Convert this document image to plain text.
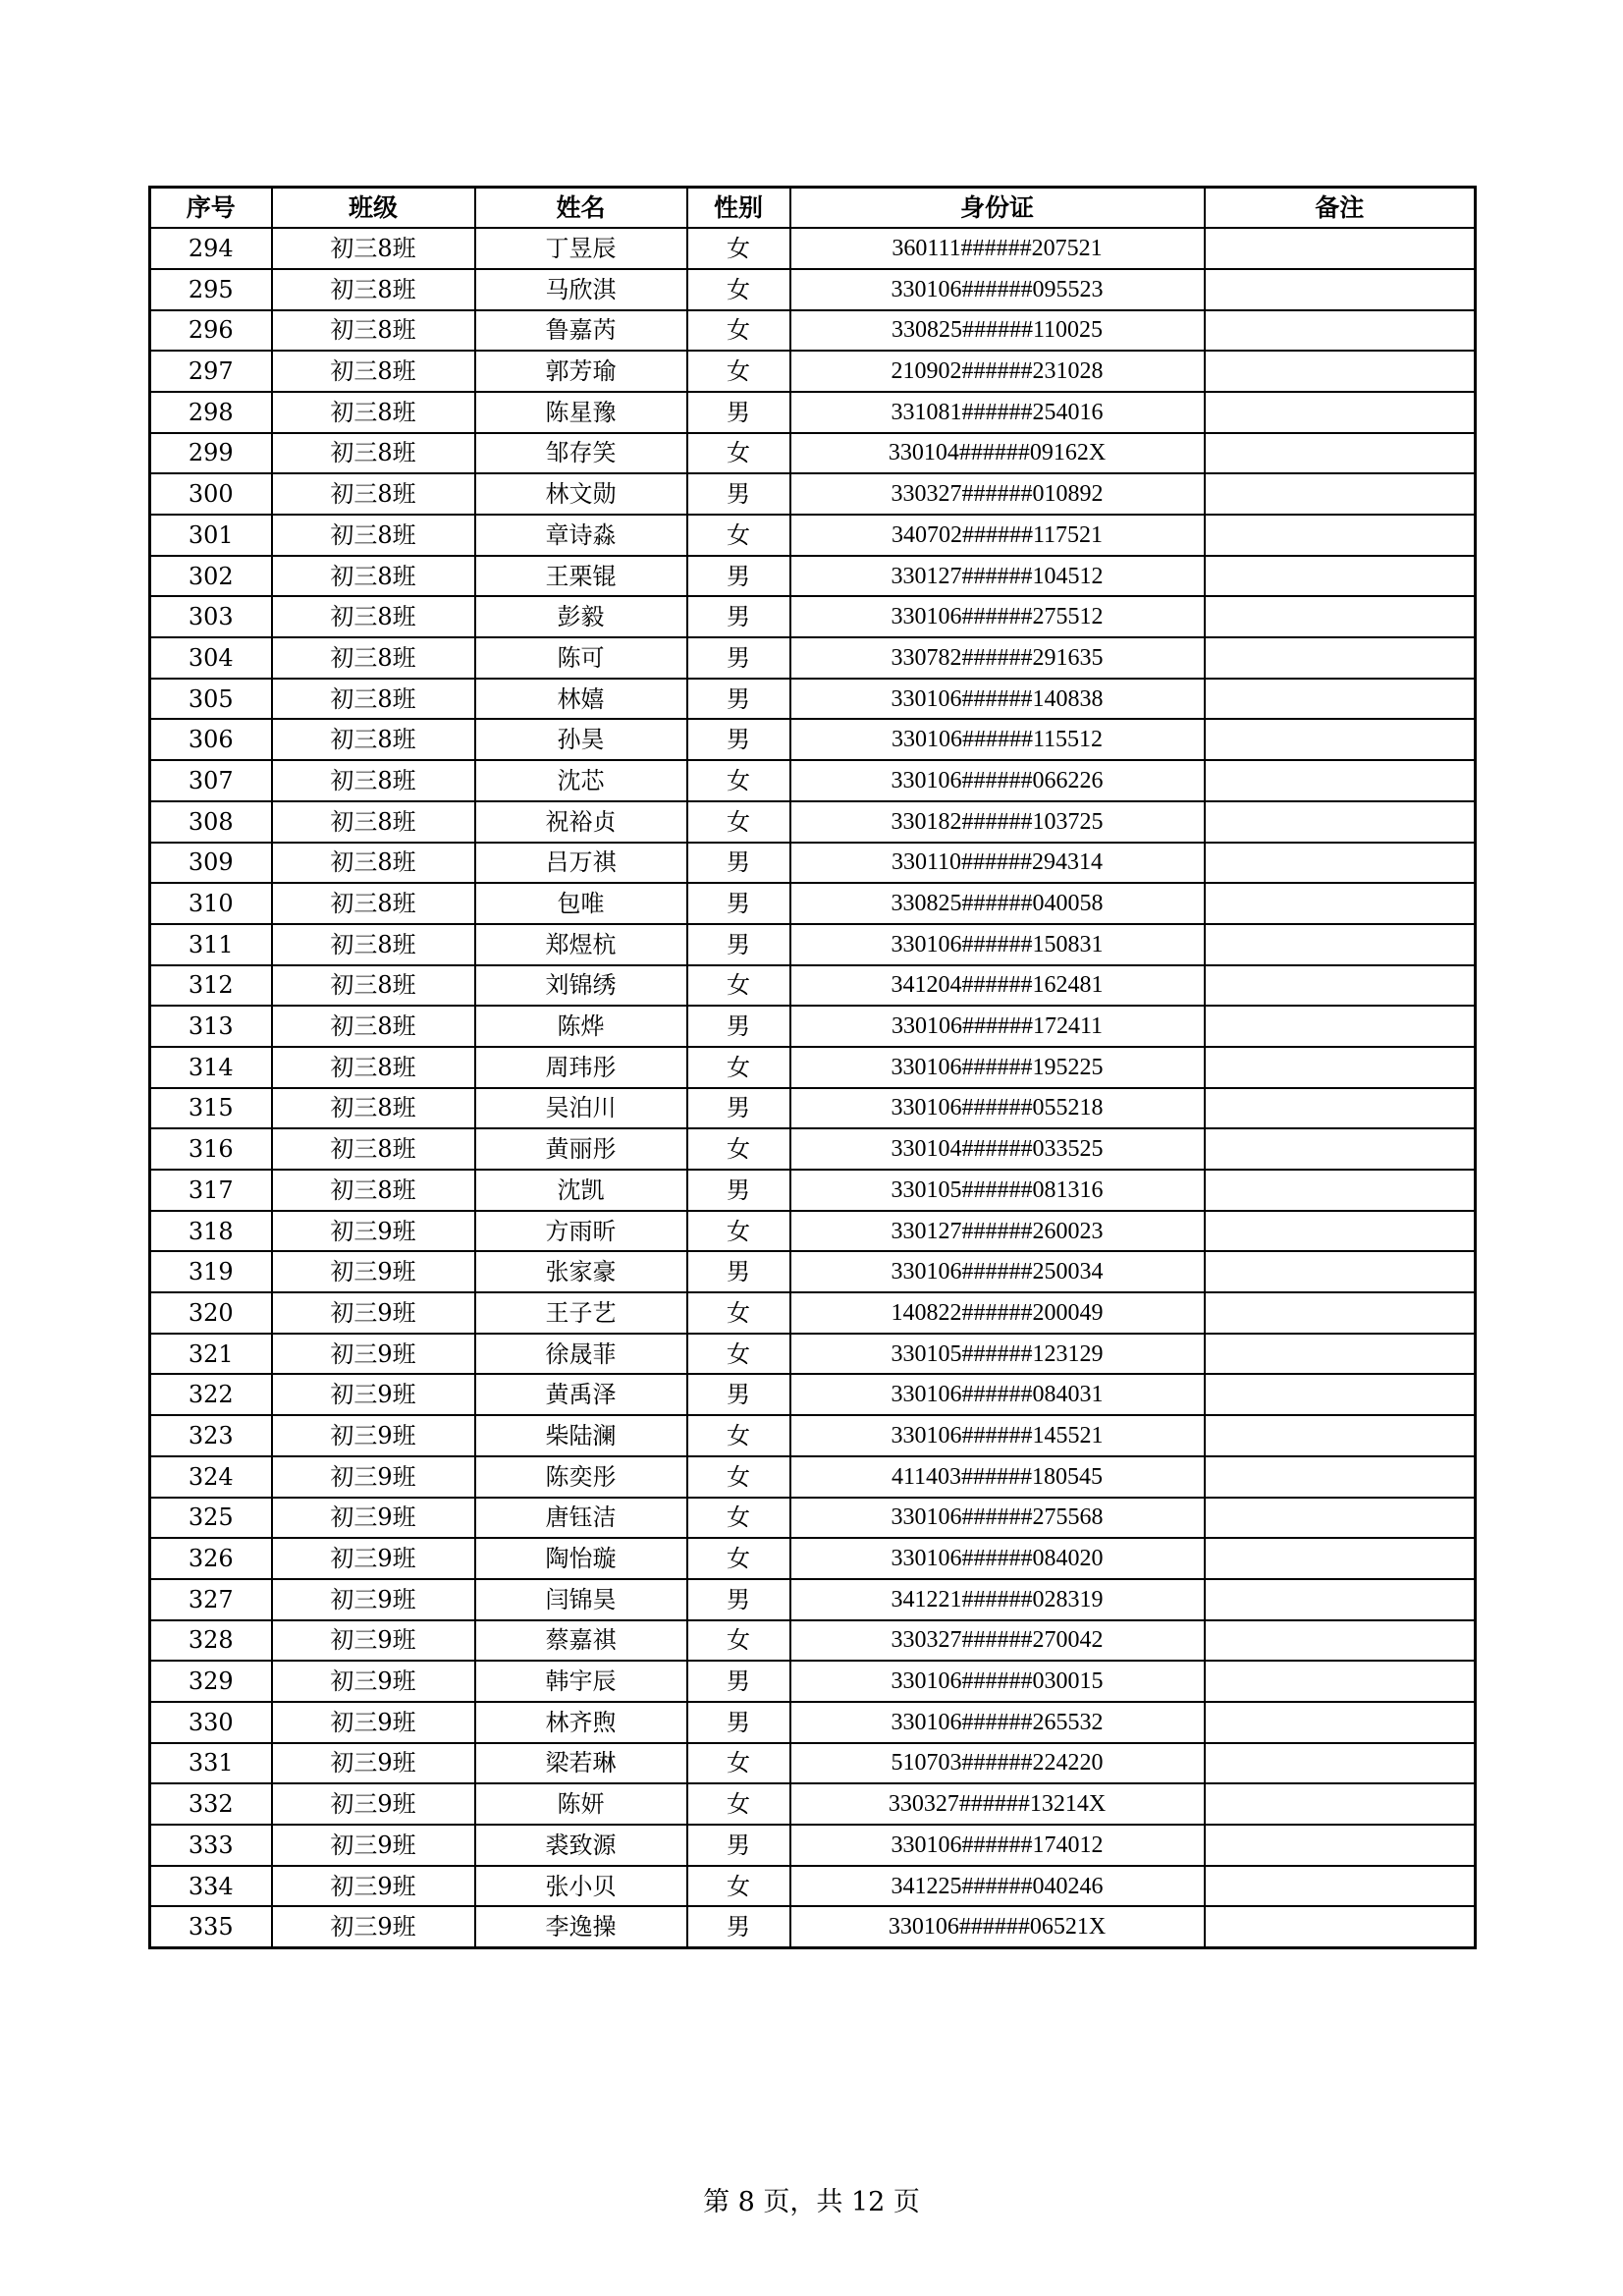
序号	班级	姓名	性别	身份证	备注
294	初三8班	丁昱辰	女	360111######207521	
295	初三8班	马欣淇	女	330106######095523	
296	初三8班	鲁嘉芮	女	330825######110025	
297	初三8班	郭芳瑜	女	210902######231028	
298	初三8班	陈星豫	男	331081######254016	
299	初三8班	邹存笑	女	330104######09162X	
300	初三8班	林文勋	男	330327######010892	
301	初三8班	章诗淼	女	340702######117521	
302	初三8班	王栗锟	男	330127######104512	
303	初三8班	彭毅	男	330106######275512	
304	初三8班	陈可	男	330782######291635	
305	初三8班	林嬉	男	330106######140838	
306	初三8班	孙昊	男	330106######115512	
307	初三8班	沈芯	女	330106######066226	
308	初三8班	祝裕贞	女	330182######103725	
309	初三8班	吕万祺	男	330110######294314	
310	初三8班	包唯	男	330825######040058	
311	初三8班	郑煜杭	男	330106######150831	
312	初三8班	刘锦绣	女	341204######162481	
313	初三8班	陈烨	男	330106######172411	
314	初三8班	周玮彤	女	330106######195225	
315	初三8班	吴泊川	男	330106######055218	
316	初三8班	黄丽彤	女	330104######033525	
317	初三8班	沈凯	男	330105######081316	
318	初三9班	方雨昕	女	330127######260023	
319	初三9班	张家豪	男	330106######250034	
320	初三9班	王子艺	女	140822######200049	
321	初三9班	徐晟菲	女	330105######123129	
322	初三9班	黄禹泽	男	330106######084031	
323	初三9班	柴陆澜	女	330106######145521	
324	初三9班	陈奕彤	女	411403######180545	
325	初三9班	唐钰洁	女	330106######275568	
326	初三9班	陶怡璇	女	330106######084020	
327	初三9班	闫锦昊	男	341221######028319	
328	初三9班	蔡嘉祺	女	330327######270042	
329	初三9班	韩宇辰	男	330106######030015	
330	初三9班	林齐煦	男	330106######265532	
331	初三9班	梁若琳	女	510703######224220	
332	初三9班	陈妍	女	330327######13214X	
333	初三9班	裘致源	男	330106######174012	
334	初三9班	张小贝	女	341225######040246	
335	初三9班	李逸操	男	330106######06521X	
第 8 页，共 12 页
